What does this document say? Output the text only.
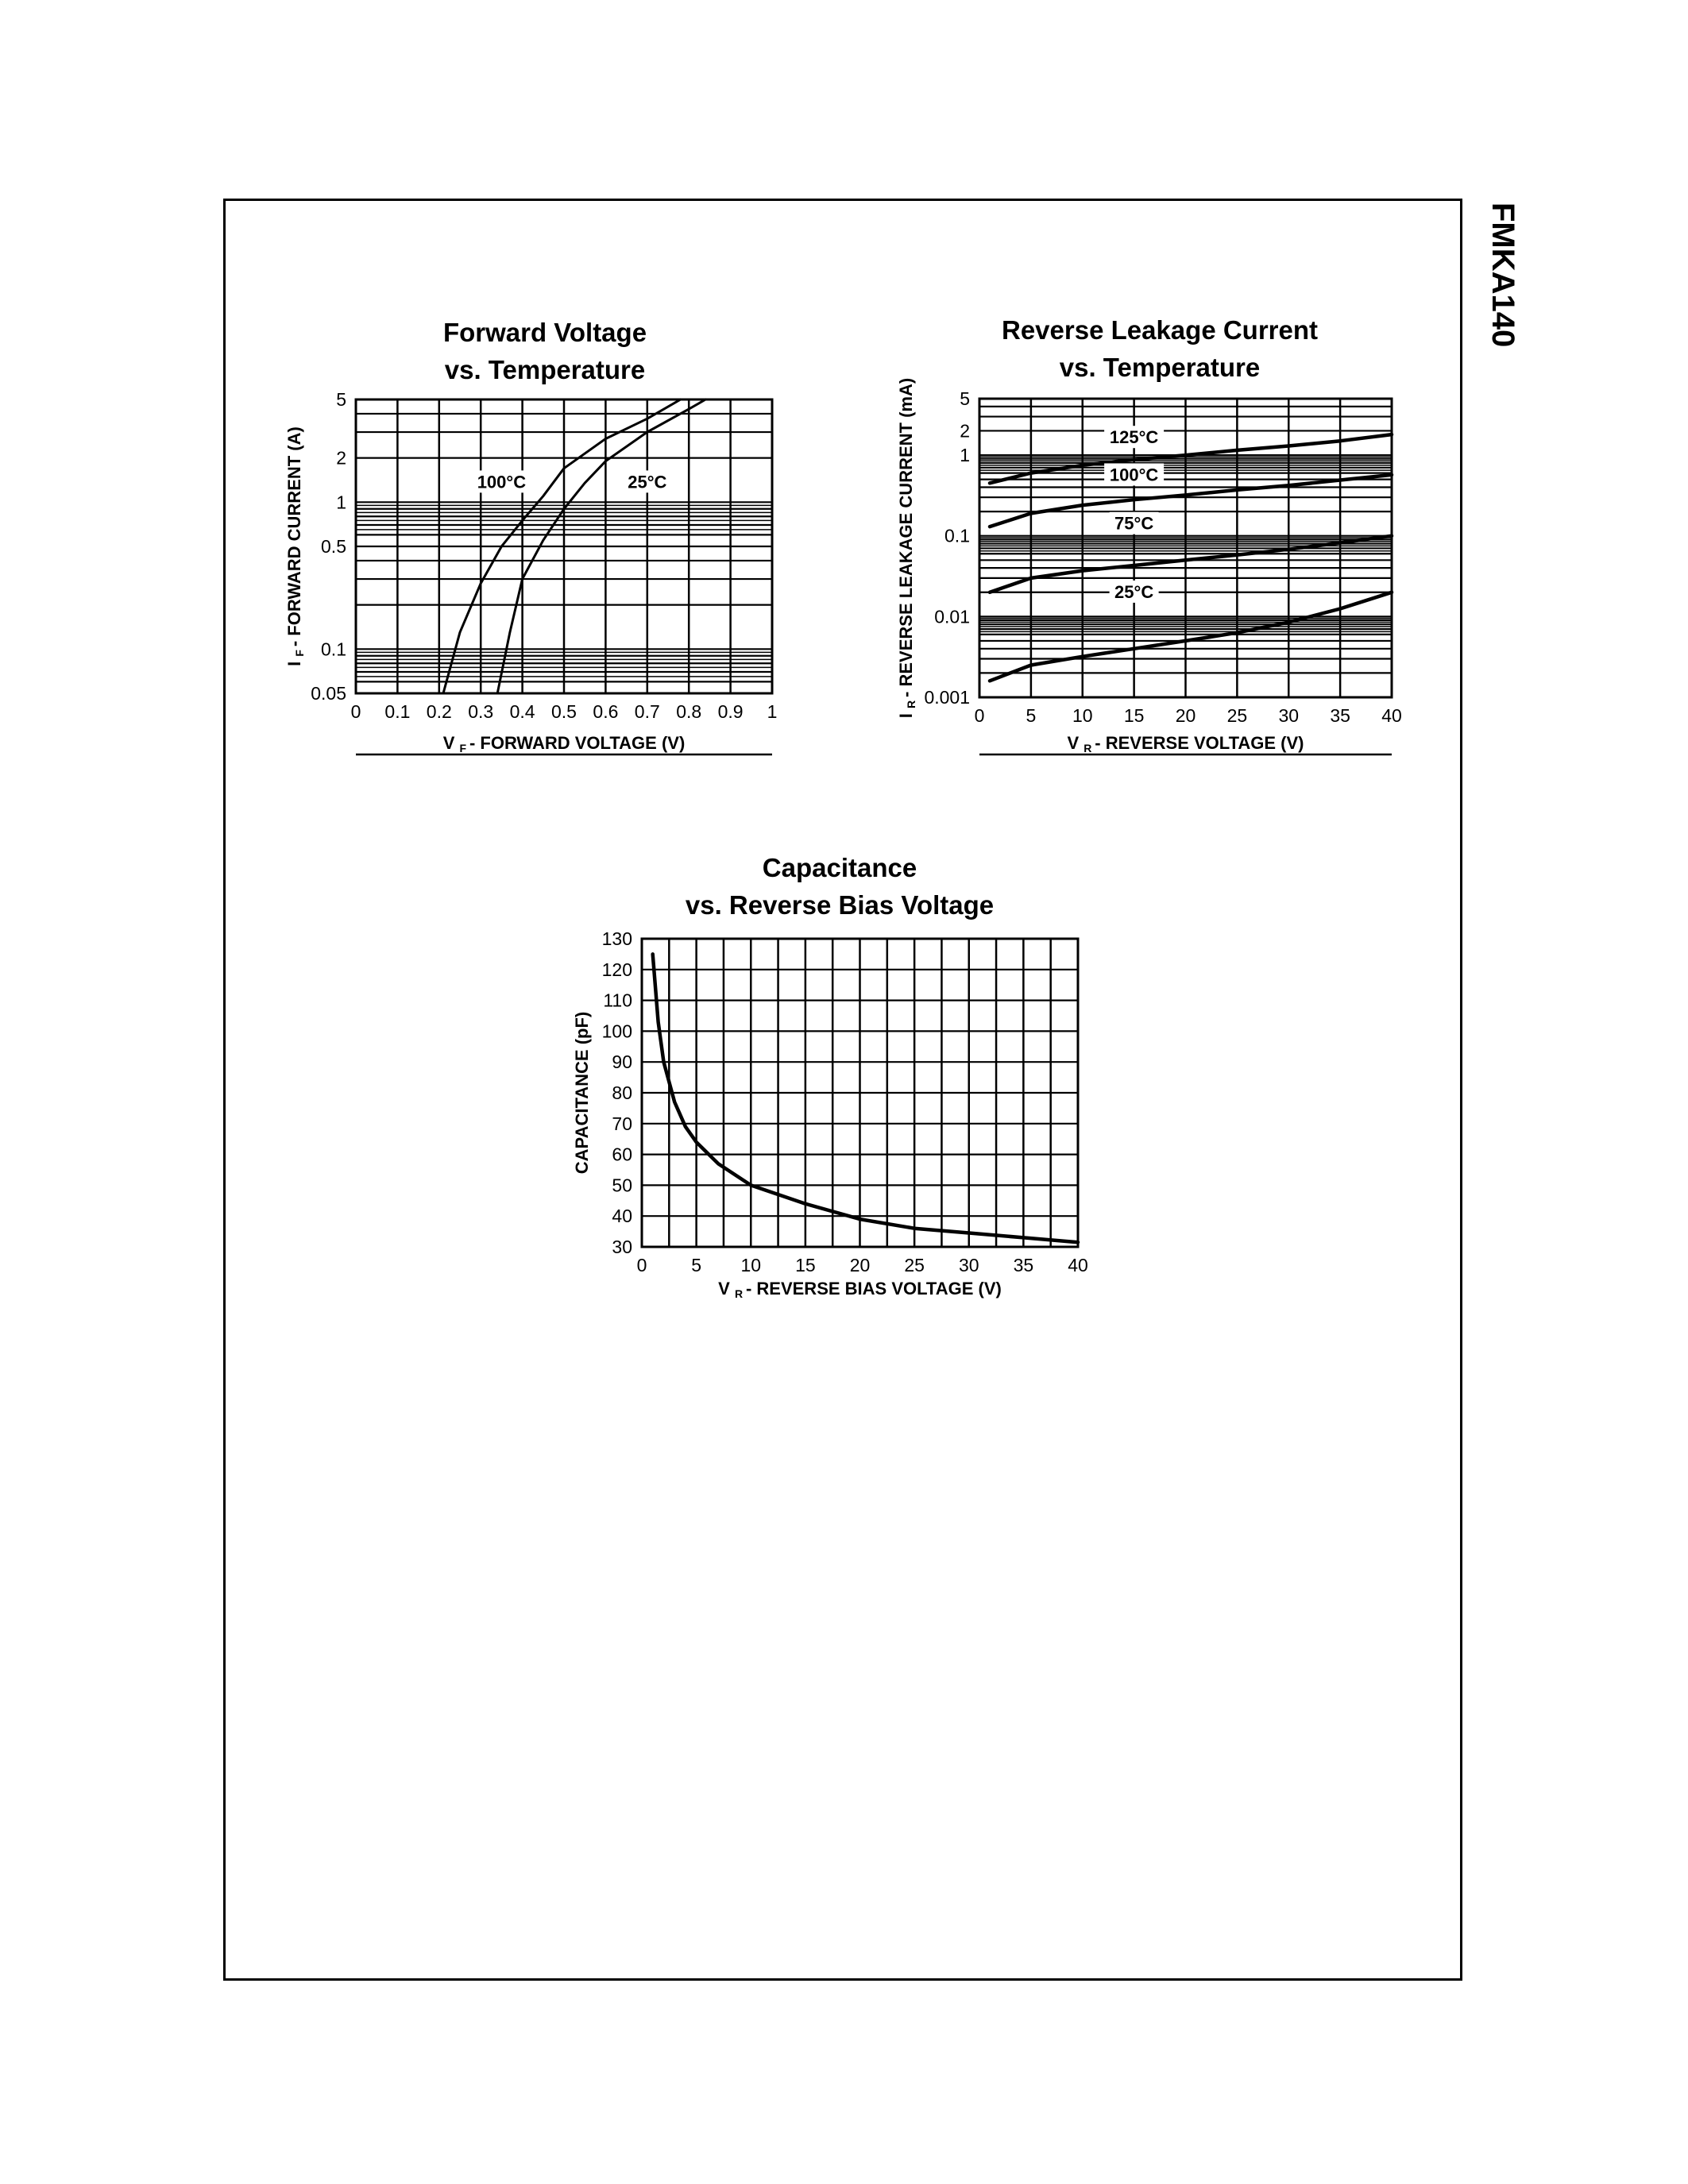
FMKA140
Forward Voltage
vs. Temperature
0 0.1 0.2 0.3 0.4 0.5 0.6 0.7 0.8 0.9 1
0.05
0.1
0.5
1
2
5
V F - FORWARD VOLTAGE (V)
I F - FORWARD CURRENT (A)	100°C	25°C
Reverse Leakage Current
vs. Temperature
0 5 10 15 20 25 30 35 40
0.001
0.01
0.1
1
2
5
V R - REVERSE VOLTAGE (V)
I R - REVERSE LEAKAGE CURRENT (mA)	125°C
100°C
75°C
25°C
Capacitance
vs. Reverse Bias Voltage
0 5 10 15 20 25 30 35 40
30
40
50
60
70
80
90
100
110
120
130
V R - REVERSE BIAS VOLTAGE (V)
CAPACITANCE (pF)
